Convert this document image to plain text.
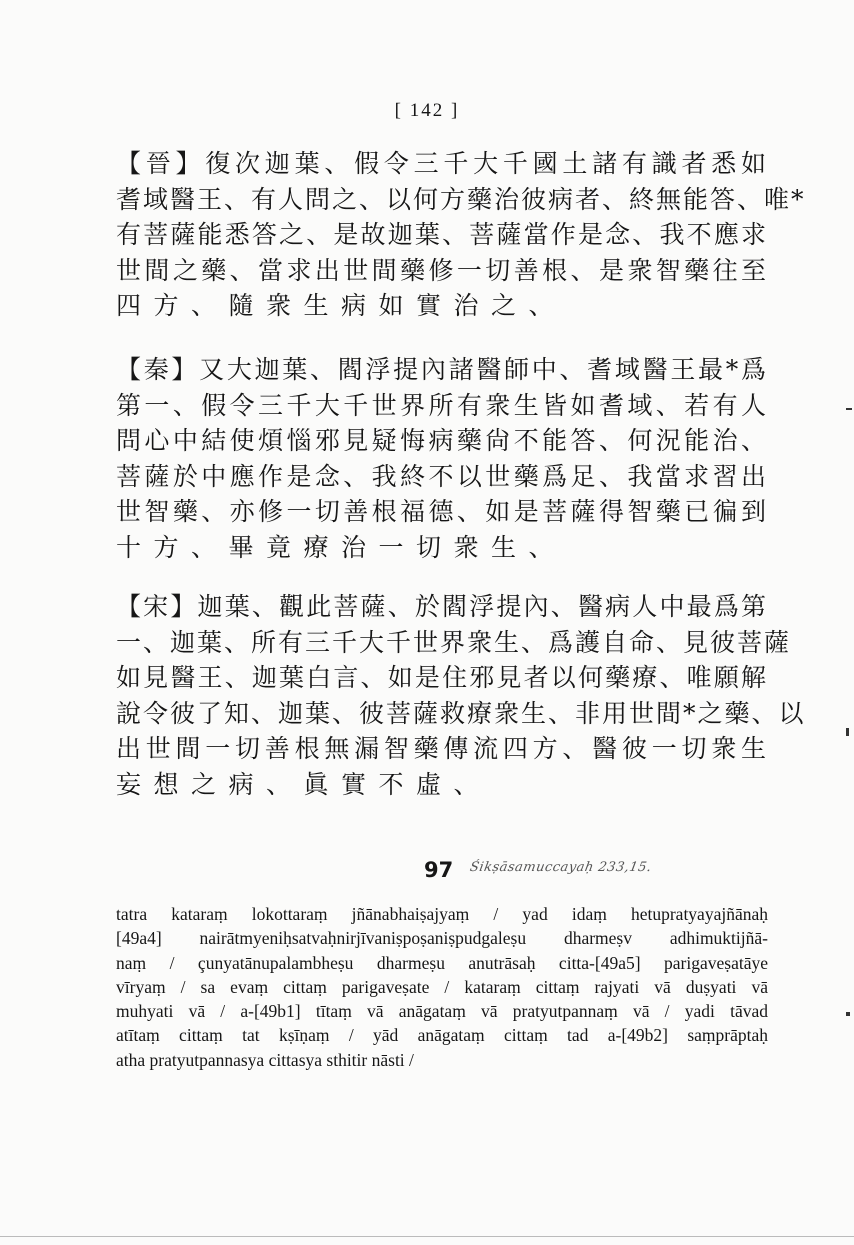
[ 142 ]
【晉】復次迦葉、假令三千大千國土諸有識者悉如
耆域醫王、有人問之、以何方藥治彼病者、終無能答、唯*
有菩薩能悉答之、是故迦葉、菩薩當作是念、我不應求
世間之藥、當求出世間藥修一切善根、是衆智藥往至
四方、隨衆生病如實治之、
【秦】又大迦葉、閻浮提內諸醫師中、耆域醫王最*爲
第一、假令三千大千世界所有衆生皆如耆域、若有人
問心中結使煩惱邪見疑悔病藥尙不能答、何況能治、
菩薩於中應作是念、我終不以世藥爲足、我當求習出
世智藥、亦修一切善根福德、如是菩薩得智藥已徧到
十方、畢竟療治一切衆生、
【宋】迦葉、觀此菩薩、於閻浮提內、醫病人中最爲第
一、迦葉、所有三千大千世界衆生、爲護自命、見彼菩薩
如見醫王、迦葉白言、如是住邪見者以何藥療、唯願解
說令彼了知、迦葉、彼菩薩救療衆生、非用世間*之藥、以
出世間一切善根無漏智藥傳流四方、醫彼一切衆生
妄想之病、眞實不虛、
97 Śikṣāsamuccayaḥ 233,15.
tatra kataraṃ lokottaraṃ jñānabhaiṣajyaṃ / yad idaṃ hetupratyayajñānaḥ
[49a4] nairātmyeniḥsatvaḥnirjīvaniṣpoṣaniṣpudgaleṣu dharmeṣv adhimuktijñā-
naṃ / çunyatānupalambheṣu dharmeṣu anutrāsaḥ citta-[49a5] parigaveṣatāye
vīryaṃ / sa evaṃ cittaṃ parigaveṣate / kataraṃ cittaṃ rajyati vā duṣyati vā
muhyati vā / a-[49b1] tītaṃ vā anāgataṃ vā pratyutpannaṃ vā / yadi tāvad
atītaṃ cittaṃ tat kṣīṇaṃ / yād anāgataṃ cittaṃ tad a-[49b2] saṃprāptaḥ
atha pratyutpannasya cittasya sthitir nāsti /
